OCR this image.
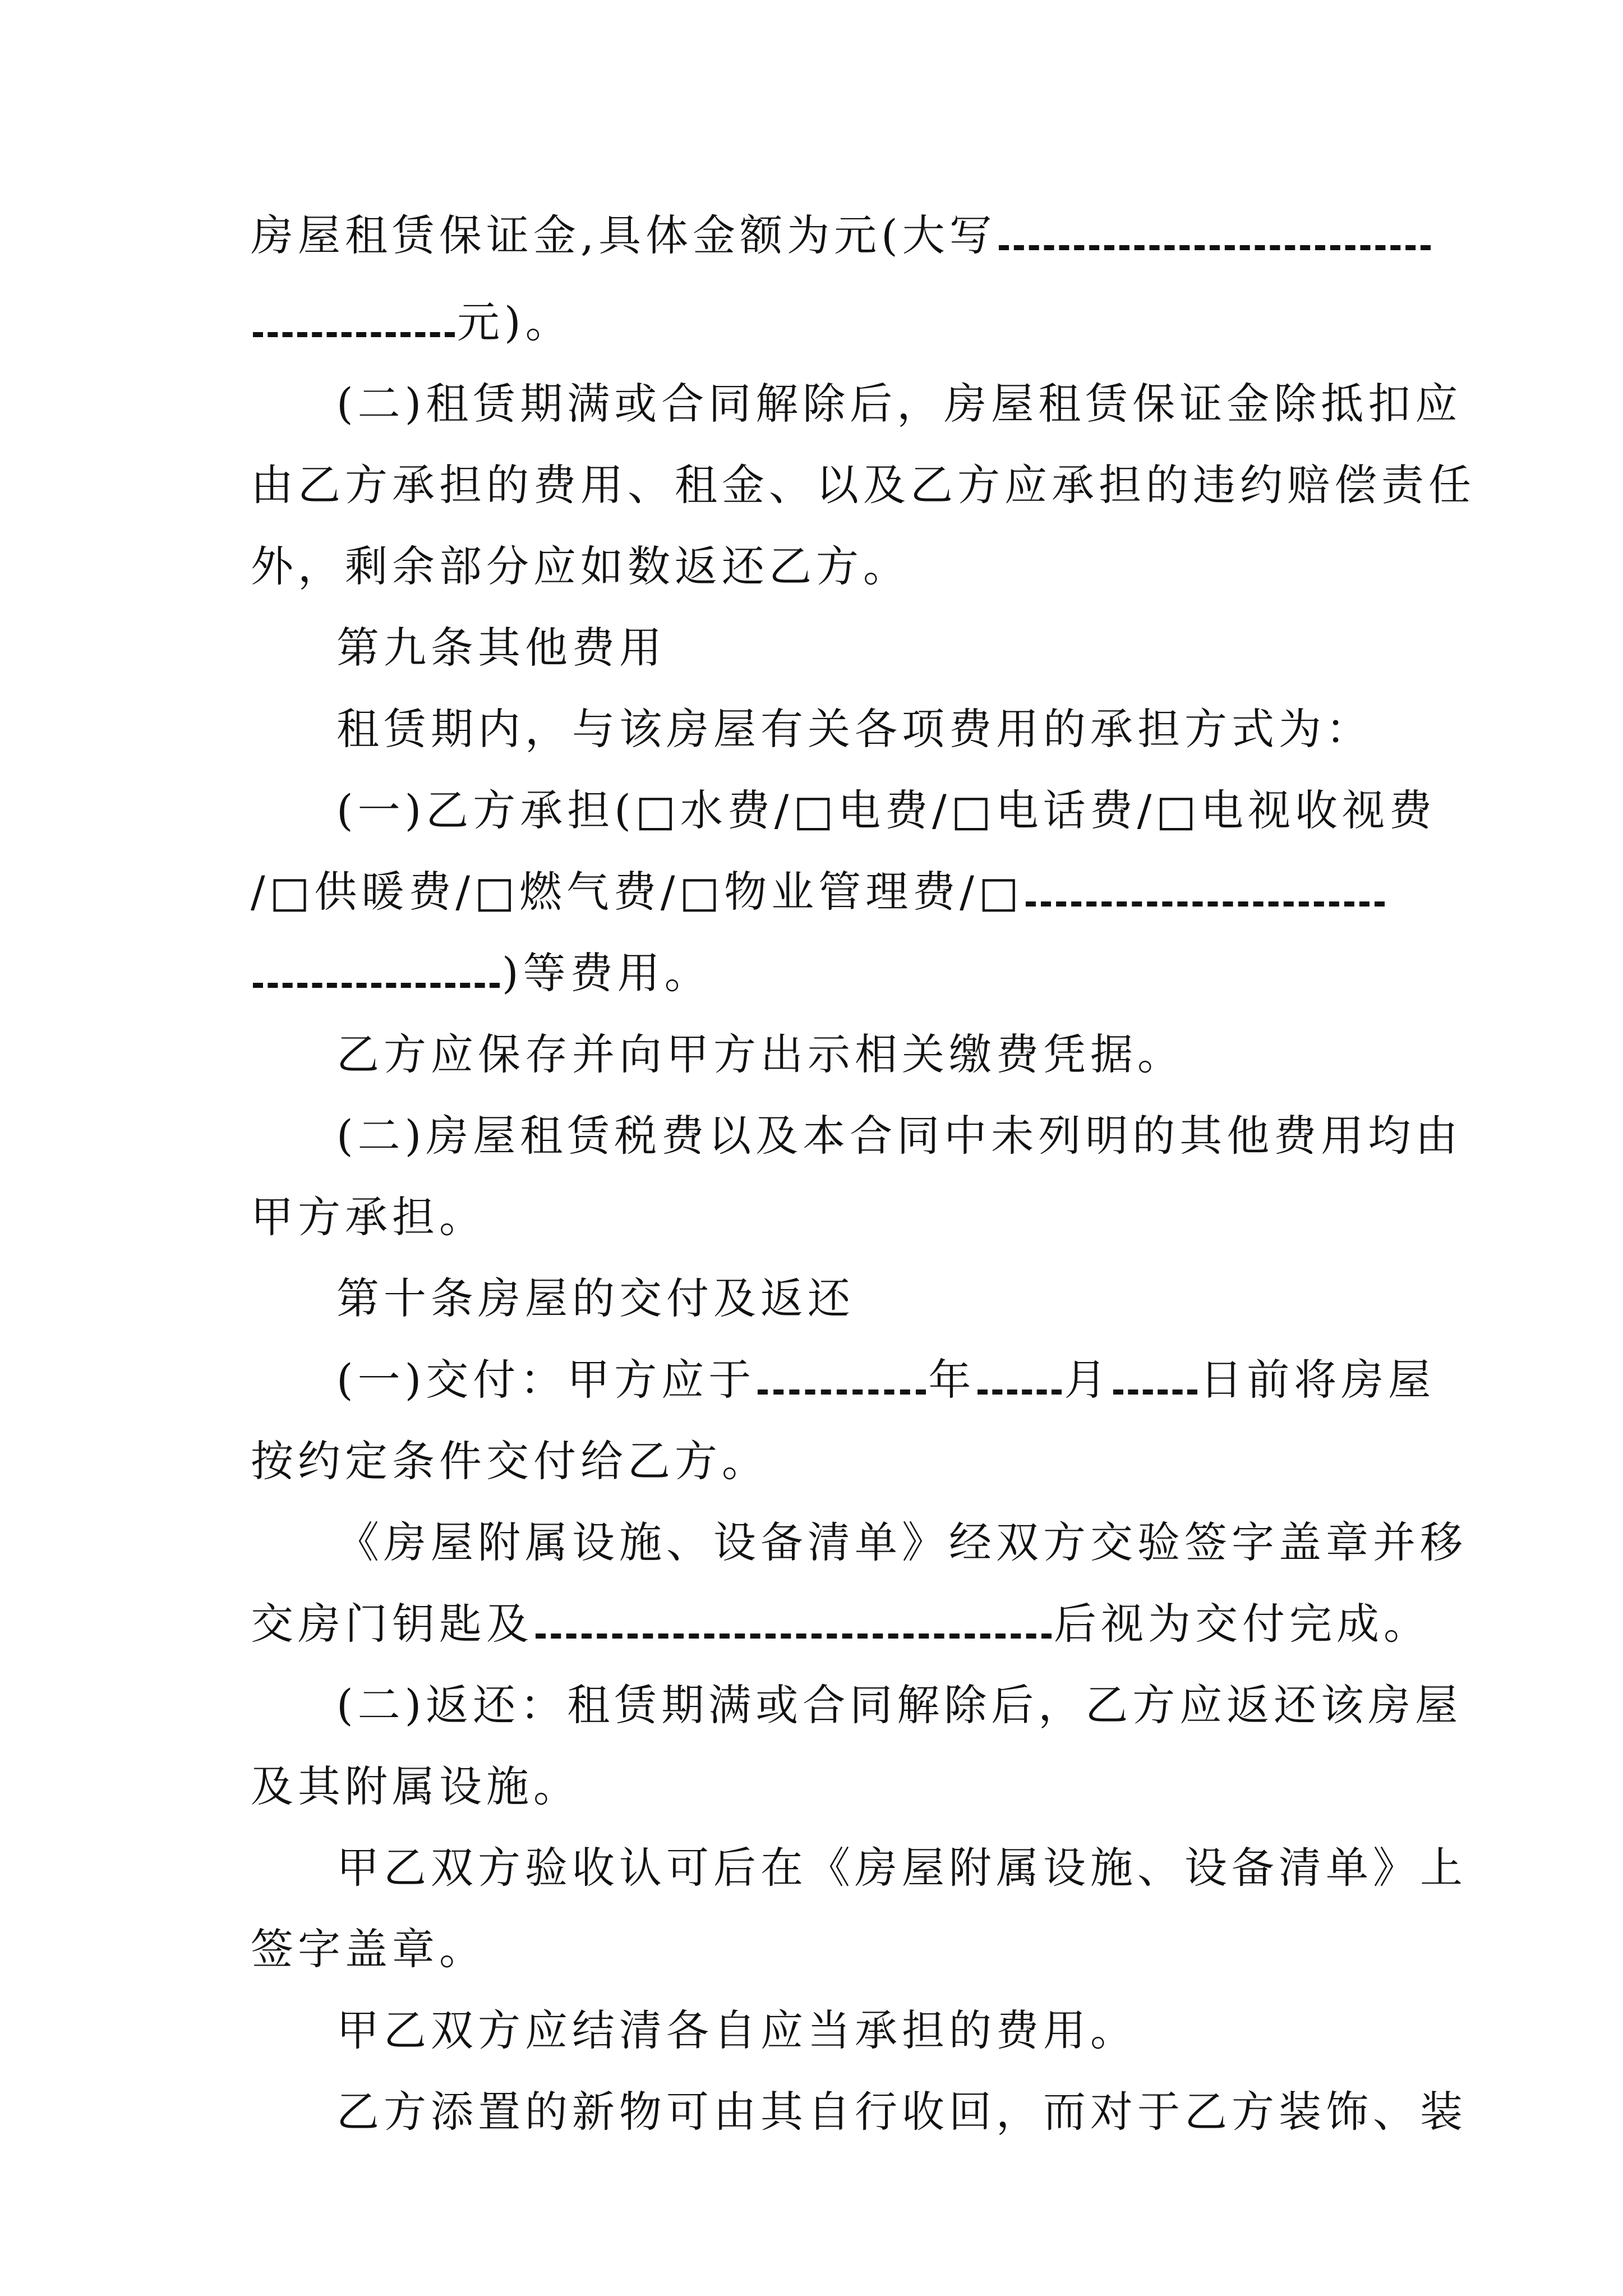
房屋租赁保证金,具体金额为元(大写
元)。
(二)租赁期满或合同解除后，房屋租赁保证金除抵扣应
由乙方承担的费用、租金、以及乙方应承担的违约赔偿责任
外，剩余部分应如数返还乙方。
第九条其他费用
租赁期内，与该房屋有关各项费用的承担方式为：
(一)乙方承担(□水费/□电费/□电话费/□电视收视费
/□供暖费/□燃气费/□物业管理费/□
)等费用。
乙方应保存并向甲方出示相关缴费凭据。
(二)房屋租赁税费以及本合同中未列明的其他费用均由
甲方承担。
第十条房屋的交付及返还
(一)交付：甲方应于	年 月 日前将房屋
按约定条件交付给乙方。
《房屋附属设施、设备清单》经双方交验签字盖章并移
交房门钥匙及	后视为交付完成。
(二)返还：租赁期满或合同解除后，乙方应返还该房屋
及其附属设施。
甲乙双方验收认可后在《房屋附属设施、设备清单》上
签字盖章。
甲乙双方应结清各自应当承担的费用。
乙方添置的新物可由其自行收回，而对于乙方装饰、装
